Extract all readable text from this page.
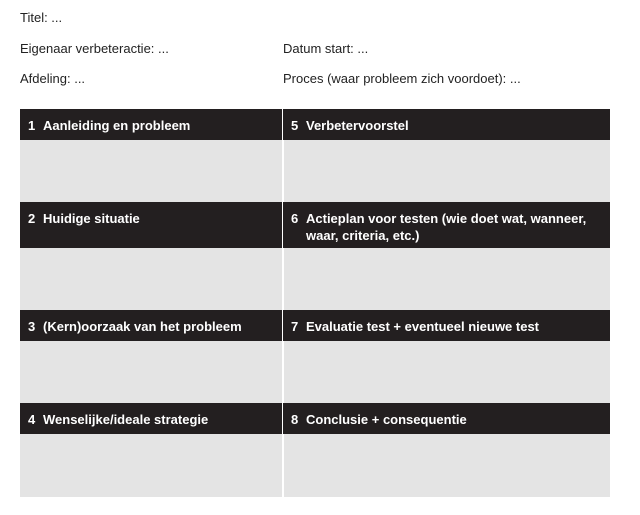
Titel: ...
Eigenaar verbeteractie: ...	Datum start: ...
Afdeling: ...	Proces (waar probleem zich voordoet): ...
1 Aanleiding en probleem
2 Huidige situatie
3 (Kern)oorzaak van het probleem
4 Wenselijke/ideale strategie
5 Verbetervoorstel
6 Actieplan voor testen (wie doet wat, wanneer, waar, criteria, etc.)
7 Evaluatie test + eventueel nieuwe test
8 Conclusie + consequentie
